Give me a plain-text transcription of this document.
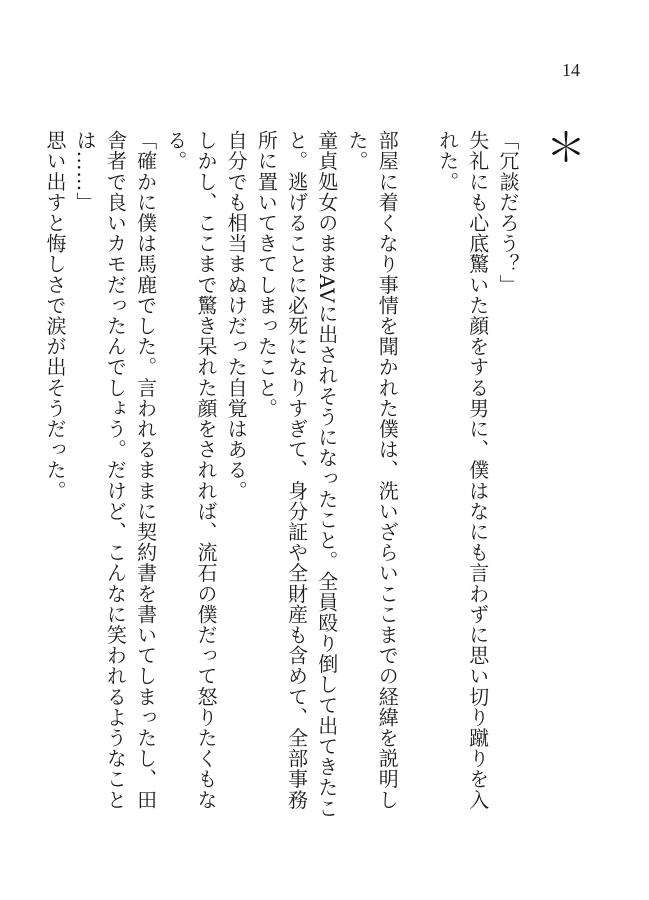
14
＊

「冗談だろう？」

失礼にも心底驚いた顔をする男に、僕はなにも言わずに思い切り蹴りを入れた。

部屋に着くなり事情を聞かれた僕は、洗いざらいここまでの経緯を説明した。

童貞処女のままAVに出されそうになったこと。全員殴り倒して出てきたこと。逃げることに必死になりすぎて、身分証や全財産も含めて、全部事務所に置いてきてしまったこと。

自分でも相当まぬけだった自覚はある。

しかし、ここまで驚き呆れた顔をされれば、流石の僕だって怒りたくもなる。

「確かに僕は馬鹿でした。言われるままに契約書を書いてしまったし、田舎者で良いカモだったんでしょう。だけど、こんなに笑われるようなことは……」

思い出すと悔しさで涙が出そうだった。
